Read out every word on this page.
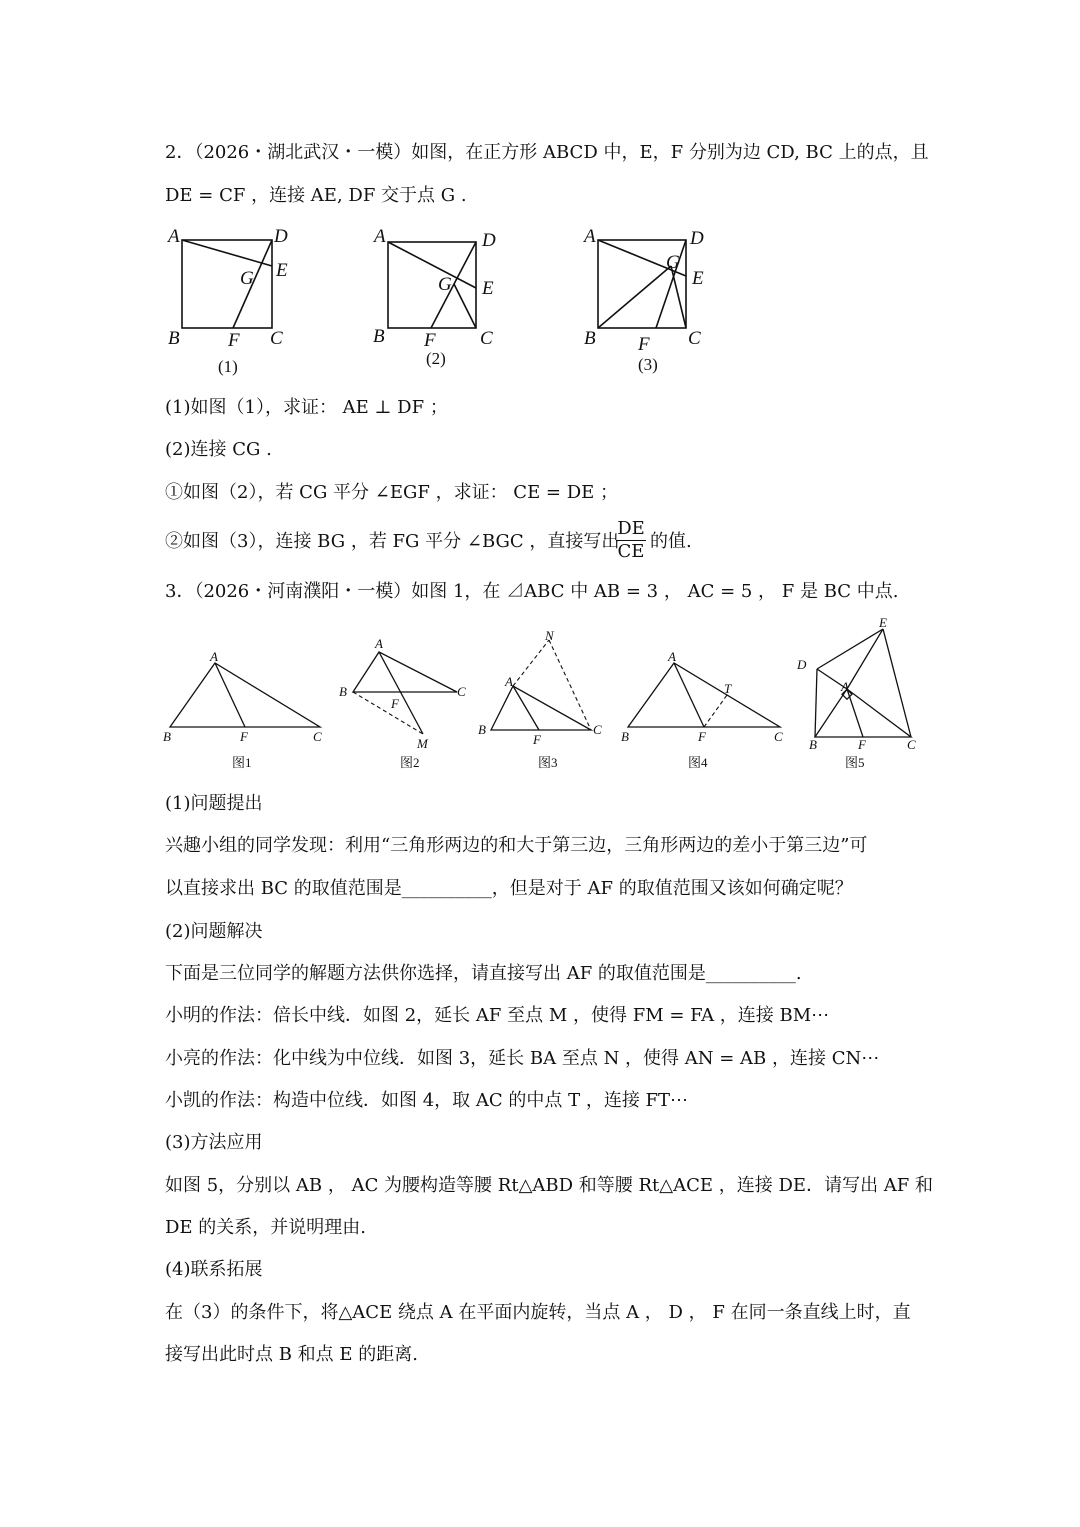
2．（2026・湖北武汉・一模）如图，在正方形 ABCD 中，E，F 分别为边 CD, BC 上的点，且
DE = CF ，连接 AE, DF 交于点 G .
A	D
E
G
B	F C
(1)
A	D
E
G
B F C
(2)
A	D
E
G
B F C
(3)
(1)如图（1），求证： AE ⊥ DF ；
(2)连接 CG .
①如图（2），若 CG 平分 ∠EGF ，求证： CE = DE ；
②如图（3），连接 BG ，若 FG 平分 ∠BGC ，直接写出
$\frac{DE}{CE}$ 的值.
3．（2026・河南濮阳・一模）如图 1，在 ⊿ABC 中 AB = 3 ， AC = 5 ， F 是 BC 中点.
A
B	F	C
图1
A
B
F
C
M
图2
N
A
B
F
C
图3
A
T
B	F	C
图4
E
D
A
B	F	C
图5
(1)问题提出
兴趣小组的同学发现：利用“三角形两边的和大于第三边，三角形两边的差小于第三边”可
以直接求出 BC 的取值范围是__________，但是对于 AF 的取值范围又该如何确定呢？
(2)问题解决
下面是三位同学的解题方法供你选择，请直接写出 AF 的取值范围是__________.
小明的作法：倍长中线．如图 2，延长 AF 至点 M ，使得 FM = FA ，连接 BM⋯
小亮的作法：化中线为中位线．如图 3，延长 BA 至点 N ，使得 AN = AB ，连接 CN⋯
小凯的作法：构造中位线．如图 4，取 AC 的中点 T ，连接 FT⋯
(3)方法应用
如图 5，分别以 AB ， AC 为腰构造等腰 Rt△ABD 和等腰 Rt△ACE ，连接 DE．请写出 AF 和
DE 的关系，并说明理由.
(4)联系拓展
在（3）的条件下，将△ACE 绕点 A 在平面内旋转，当点 A ， D ， F 在同一条直线上时，直
接写出此时点 B 和点 E 的距离.
